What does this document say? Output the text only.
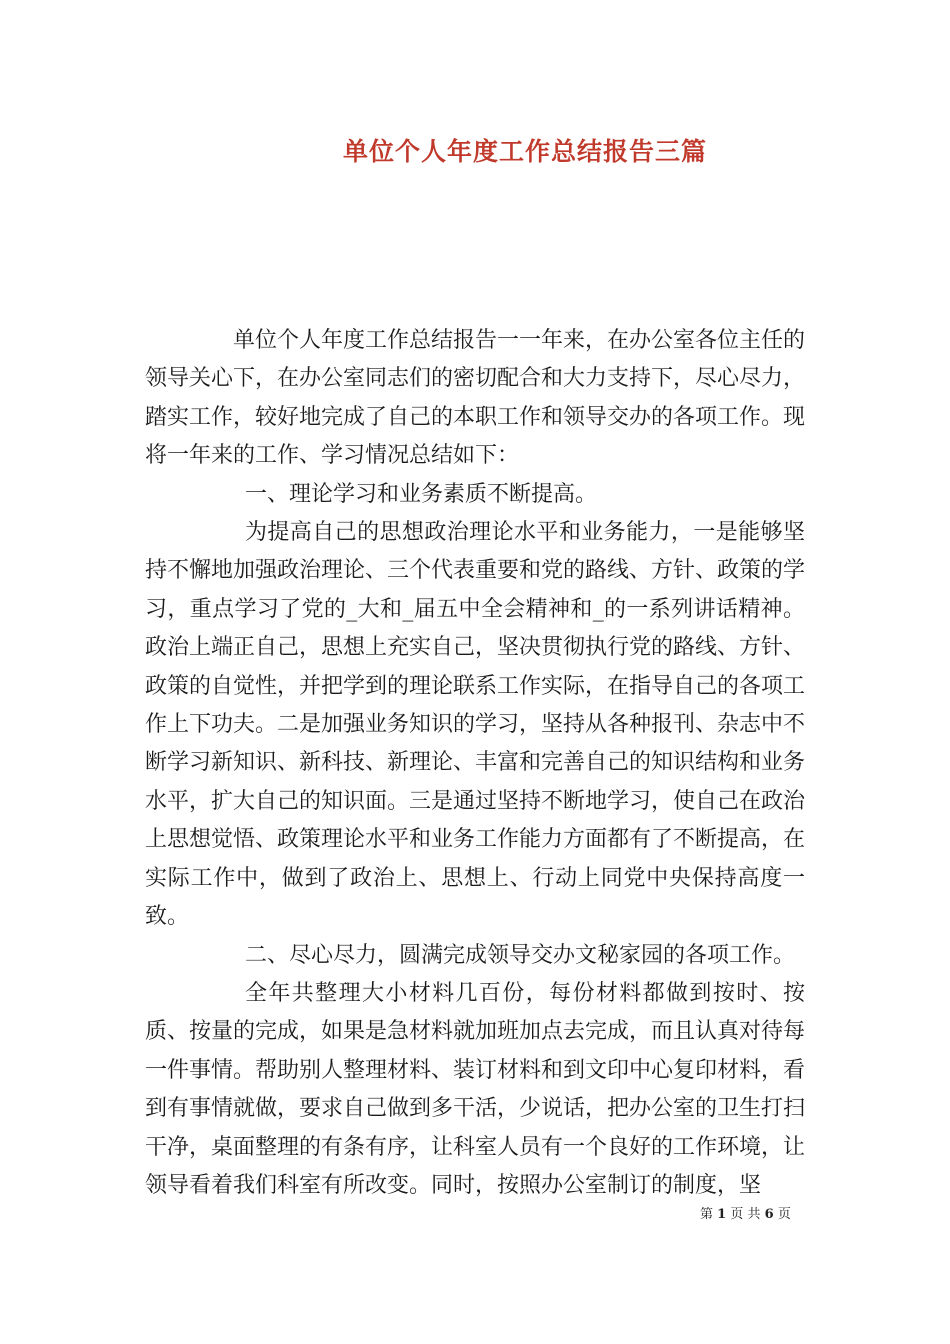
单位个人年度工作总结报告三篇

单位个人年度工作总结报告一一年来，在办公室各位主任的领导关心下，在办公室同志们的密切配合和大力支持下，尽心尽力，踏实工作，较好地完成了自己的本职工作和领导交办的各项工作。现将一年来的工作、学习情况总结如下：

一、理论学习和业务素质不断提高。

为提高自己的思想政治理论水平和业务能力，一是能够坚持不懈地加强政治理论、三个代表重要和党的路线、方针、政策的学习，重点学习了党的_大和_届五中全会精神和_的一系列讲话精神。政治上端正自己，思想上充实自己，坚决贯彻执行党的路线、方针、政策的自觉性，并把学到的理论联系工作实际，在指导自己的各项工作上下功夫。二是加强业务知识的学习，坚持从各种报刊、杂志中不断学习新知识、新科技、新理论、丰富和完善自己的知识结构和业务水平，扩大自己的知识面。三是通过坚持不断地学习，使自己在政治上思想觉悟、政策理论水平和业务工作能力方面都有了不断提高，在实际工作中，做到了政治上、思想上、行动上同党中央保持高度一致。

二、尽心尽力，圆满完成领导交办文秘家园的各项工作。

全年共整理大小材料几百份，每份材料都做到按时、按质、按量的完成，如果是急材料就加班加点去完成，而且认真对待每一件事情。帮助别人整理材料、装订材料和到文印中心复印材料，看到有事情就做，要求自己做到多干活，少说话，把办公室的卫生打扫干净，桌面整理的有条有序，让科室人员有一个良好的工作环境，让领导看着我们科室有所改变。同时，按照办公室制订的制度，坚

第 1 页 共 6 页
